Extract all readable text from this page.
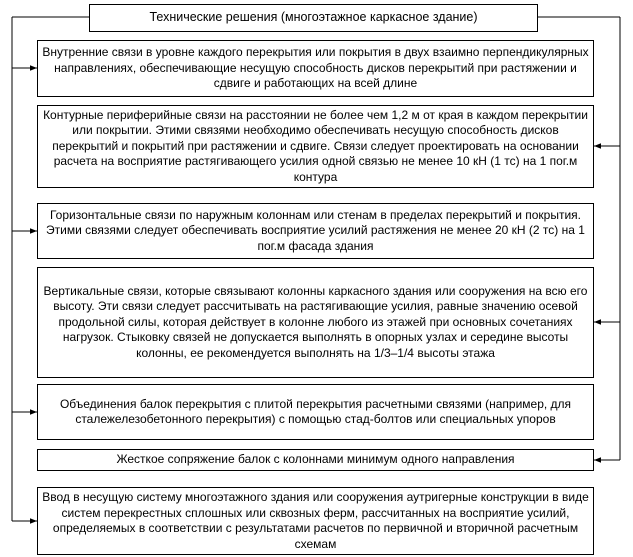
Технические решения (многоэтажное каркасное здание)
Внутренние связи в уровне каждого перекрытия или покрытия в двух взаимно перпендикулярных направлениях, обеспечивающие несущую способность дисков перекрытий при растяжении и сдвиге и работающих на всей длине
Контурные периферийные связи на расстоянии не более чем 1,2 м от края в каждом перекрытии или покрытии. Этими связями необходимо обеспечивать несущую способность дисков перекрытий и покрытий при растяжении и сдвиге. Связи следует проектировать на основании расчета на восприятие растягивающего усилия одной связью не менее 10 кН (1 тс) на 1 пог.м контура
Горизонтальные связи по наружным колоннам или стенам в пределах перекрытий и покрытия. Этими связями следует обеспечивать восприятие усилий растяжения не менее 20 кН (2 тс) на 1 пог.м фасада здания
Вертикальные связи, которые связывают колонны каркасного здания или сооружения на всю его высоту. Эти связи следует рассчитывать на растягивающие усилия, равные значению осевой продольной силы, которая действует в колонне любого из этажей при основных сочетаниях нагрузок. Стыковку связей не допускается выполнять в опорных узлах и середине высоты колонны, ее рекомендуется выполнять на 1/3–1/4 высоты этажа
Объединения балок перекрытия с плитой перекрытия расчетными связями (например, для сталежелезобетонного перекрытия) с помощью стад-болтов или специальных упоров
Жесткое сопряжение балок с колоннами минимум одного направления
Ввод в несущую систему многоэтажного здания или сооружения аутригерные конструкции в виде систем перекрестных сплошных или сквозных ферм, рассчитанных на восприятие усилий, определяемых в соответствии с результатами расчетов по первичной и вторичной расчетным схемам
